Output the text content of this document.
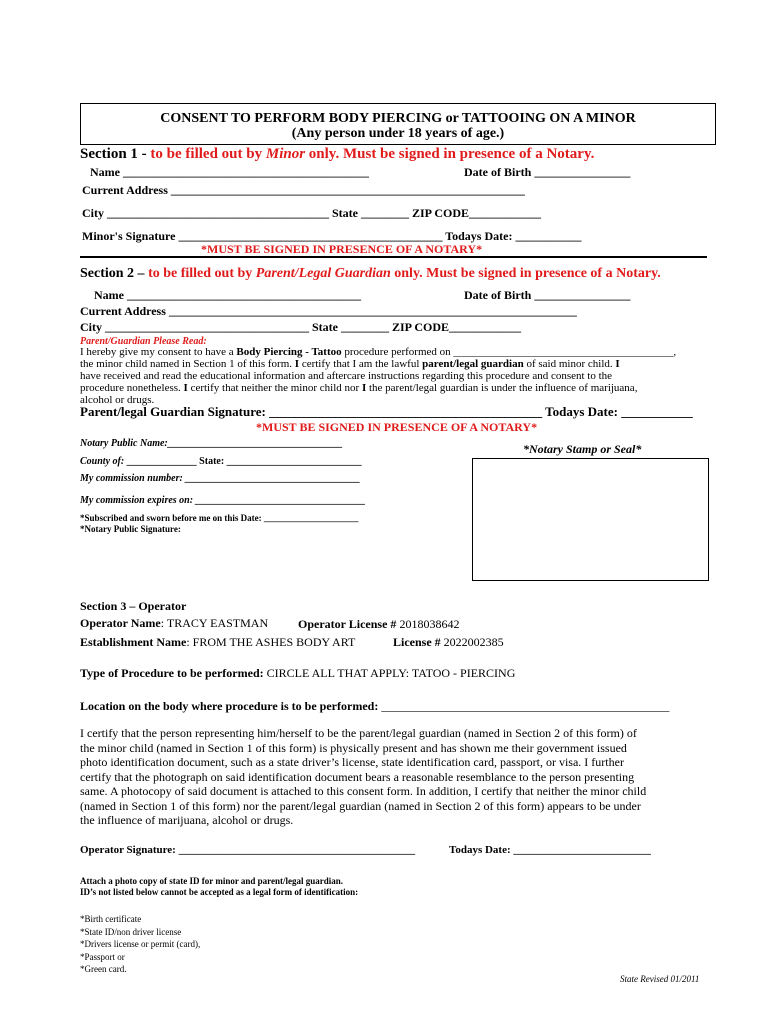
CONSENT TO PERFORM BODY PIERCING or TATTOOING ON A MINOR
(Any person under 18 years of age.)
Section 1 - to be filled out by Minor only. Must be signed in presence of a Notary.
Name _________________________________________	Date of Birth ________________
Current Address ___________________________________________________________
City _____________________________________ State ________ ZIP CODE____________
Minor's Signature ____________________________________________ Todays Date: ___________
*MUST BE SIGNED IN PRESENCE OF A NOTARY*
Section 2 – to be filled out by Parent/Legal Guardian only. Must be signed in presence of a Notary.
Name _______________________________________	Date of Birth ________________
Current Address ____________________________________________________________________
City __________________________________ State ________ ZIP CODE____________
Parent/Guardian Please Read:
I hereby give my consent to have a Body Piercing - Tattoo procedure performed on ________________________________________,
the minor child named in Section 1 of this form. I certify that I am the lawful parent/legal guardian of said minor child. I
have received and read the educational information and aftercare instructions regarding this procedure and consent to the
procedure nonetheless. I certify that neither the minor child nor I the parent/legal guardian is under the influence of marijuana,
alcohol or drugs.
Parent/legal Guardian Signature: __________________________________________ Todays Date: ___________
*MUST BE SIGNED IN PRESENCE OF A NOTARY*
Notary Public Name:___________________________________	*Notary Stamp or Seal*
County of: ______________ State: ___________________________
My commission number: ___________________________________
My commission expires on: __________________________________
*Subscribed and sworn before me on this Date: _____________________
*Notary Public Signature:
Section 3 – Operator
Operator Name: TRACY EASTMAN Operator License # 2018038642
Establishment Name: FROM THE ASHES BODY ART	License # 2022002385
Type of Procedure to be performed: CIRCLE ALL THAT APPLY: TATOO - PIERCING
Location on the body where procedure is to be performed: ________________________________________________
I certify that the person representing him/herself to be the parent/legal guardian (named in Section 2 of this form) of
the minor child (named in Section 1 of this form) is physically present and has shown me their government issued
photo identification document, such as a state driver’s license, state identification card, passport, or visa. I further
certify that the photograph on said identification document bears a reasonable resemblance to the person presenting
same. A photocopy of said document is attached to this consent form. In addition, I certify that neither the minor child
(named in Section 1 of this form) nor the parent/legal guardian (named in Section 2 of this form) appears to be under
the influence of marijuana, alcohol or drugs.
Operator Signature: ___________________________________________	Todays Date: _________________________
Attach a photo copy of state ID for minor and parent/legal guardian.
ID’s not listed below cannot be accepted as a legal form of identification:
*Birth certificate
*State ID/non driver license
*Drivers license or permit (card),
*Passport or
*Green card.
State Revised 01/2011
